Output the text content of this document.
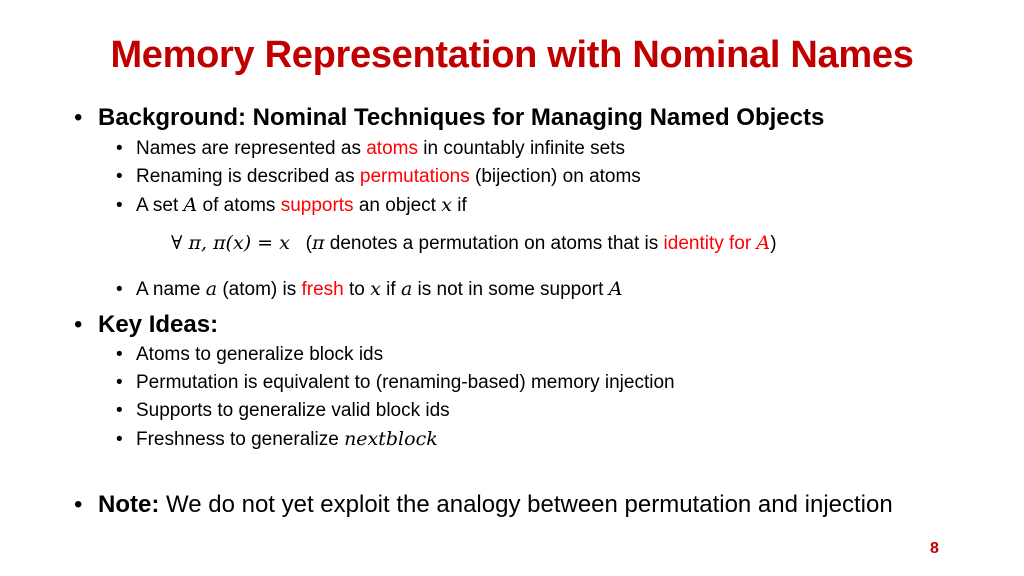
Memory Representation with Nominal Names
• Background: Nominal Techniques for Managing Named Objects
• Names are represented as atoms in countably infinite sets
• Renaming is described as permutations (bijection) on atoms
• A set A of atoms supports an object x if
∀ π, π(x) = x   (π denotes a permutation on atoms that is identity for A)
• A name a (atom) is fresh to x if a is not in some support A
• Key Ideas:
• Atoms to generalize block ids
• Permutation is equivalent to (renaming-based) memory injection
• Supports to generalize valid block ids
• Freshness to generalize nextblock
• Note: We do not yet exploit the analogy between permutation and injection
8
